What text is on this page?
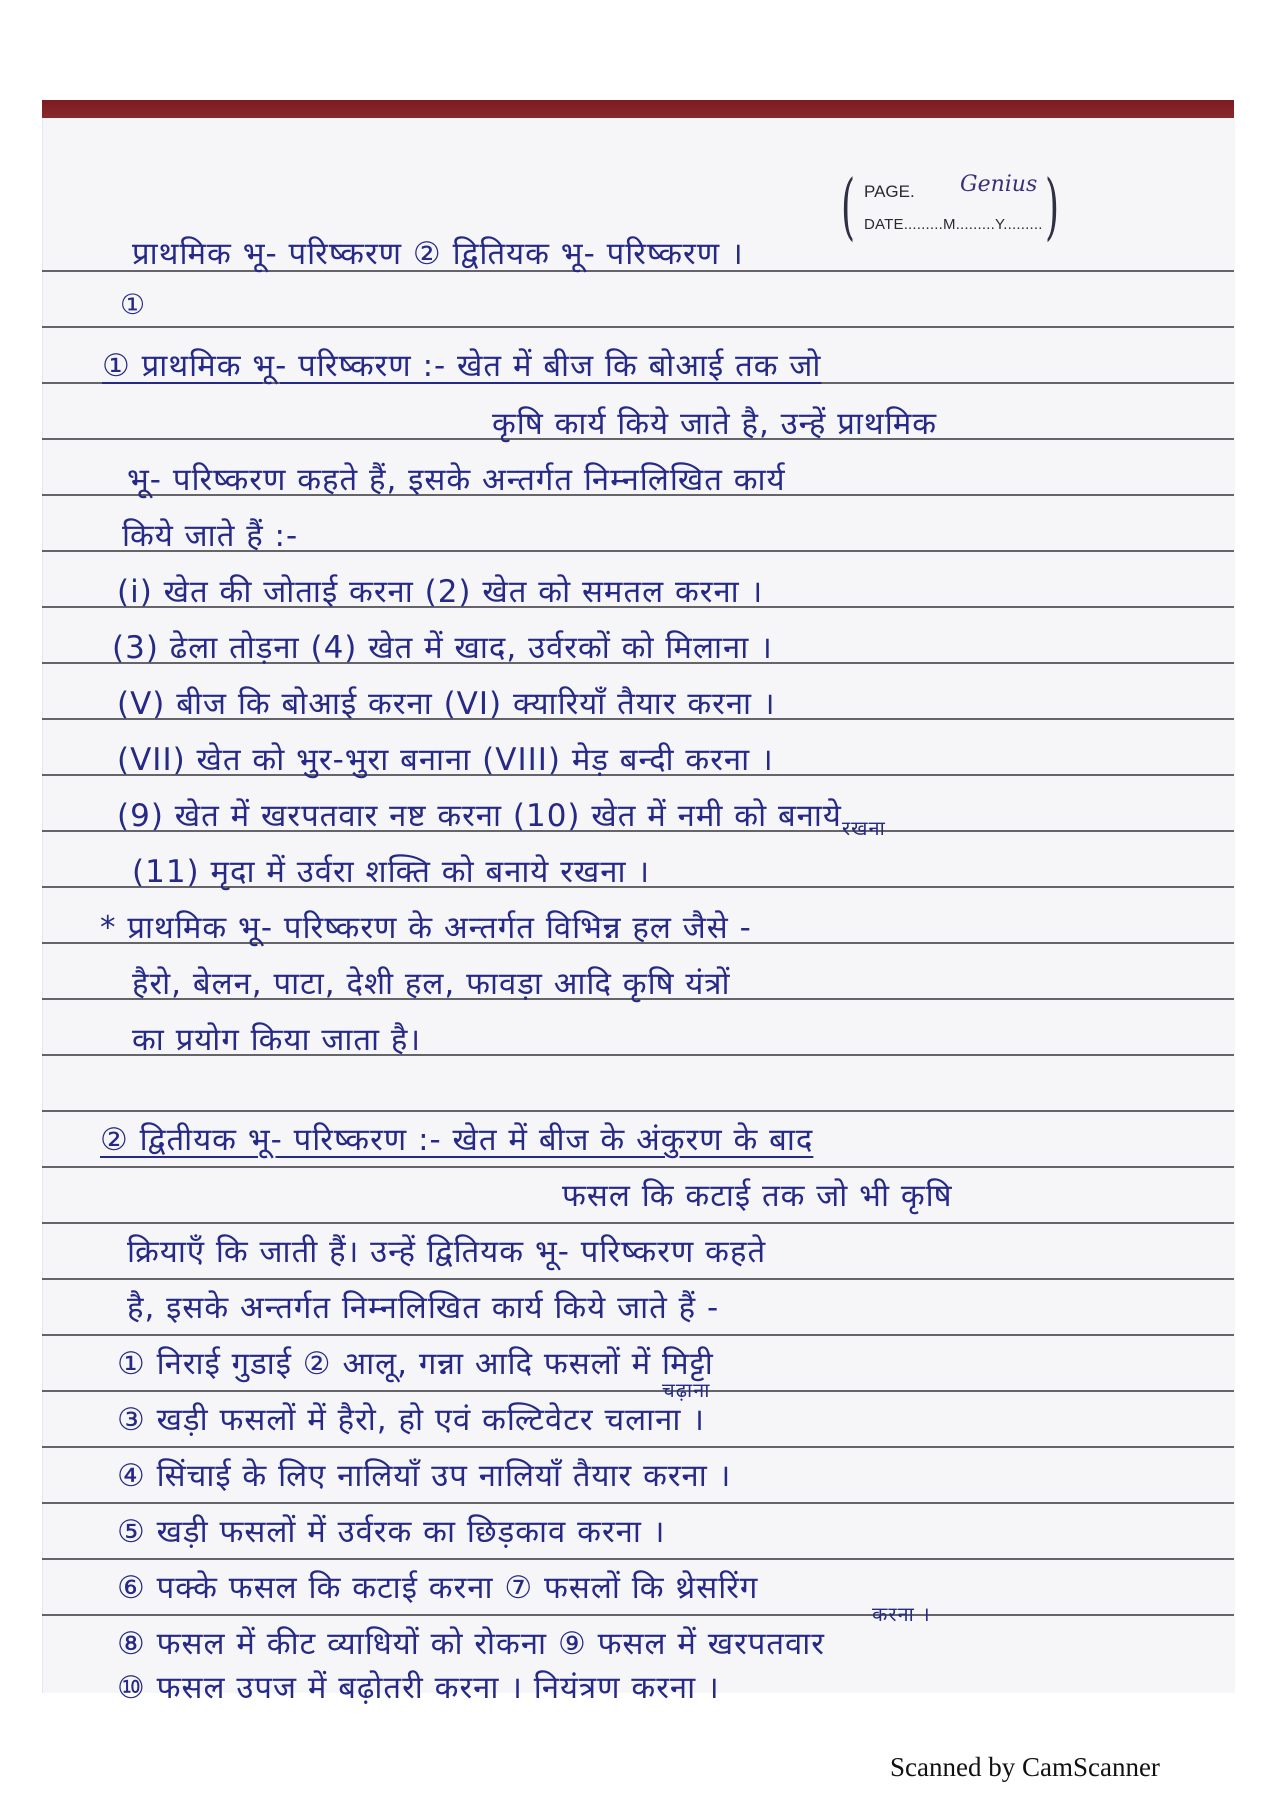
( PAGE. Genius
DATE.........M.........Y......... )
प्राथमिक भू- परिष्करण ② द्वितियक भू- परिष्करण ।
①
① प्राथमिक भू- परिष्करण :- खेत में बीज कि बोआई तक जो
कृषि कार्य किये जाते है, उन्हें प्राथमिक
भू- परिष्करण कहते हैं, इसके अन्तर्गत निम्नलिखित कार्य
किये जाते हैं :-
(i) खेत की जोताई करना (2) खेत को समतल करना ।
(3) ढेला तोड़ना (4) खेत में खाद, उर्वरकों को मिलाना ।
(V) बीज कि बोआई करना (VI) क्यारियाँ तैयार करना ।
(VII) खेत को भुर-भुरा बनाना (VIII) मेड़ बन्दी करना ।
(9) खेत में खरपतवार नष्ट करना (10) खेत में नमी को बनाये रखना
(11) मृदा में उर्वरा शक्ति को बनाये रखना ।
* प्राथमिक भू- परिष्करण के अन्तर्गत विभिन्न हल जैसे -
हैरो, बेलन, पाटा, देशी हल, फावड़ा आदि कृषि यंत्रों
का प्रयोग किया जाता है।
② द्वितीयक भू- परिष्करण :- खेत में बीज के अंकुरण के बाद
फसल कि कटाई तक जो भी कृषि
क्रियाएँ कि जाती हैं। उन्हें द्वितियक भू- परिष्करण कहते
है, इसके अन्तर्गत निम्नलिखित कार्य किये जाते हैं -
① निराई गुडाई ② आलू, गन्ना आदि फसलों में मिट्टी
चढ़ाना
③ खड़ी फसलों में हैरो, हो एवं कल्टिवेटर चलाना ।
④ सिंचाई के लिए नालियाँ उप नालियाँ तैयार करना ।
⑤ खड़ी फसलों में उर्वरक का छिड़काव करना ।
⑥ पक्के फसल कि कटाई करना ⑦ फसलों कि थ्रेसरिंग
करना ।
⑧ फसल में कीट व्याधियों को रोकना ⑨ फसल में खरपतवार
⑩ फसल उपज में बढ़ोतरी करना । नियंत्रण करना ।
Scanned by CamScanner
